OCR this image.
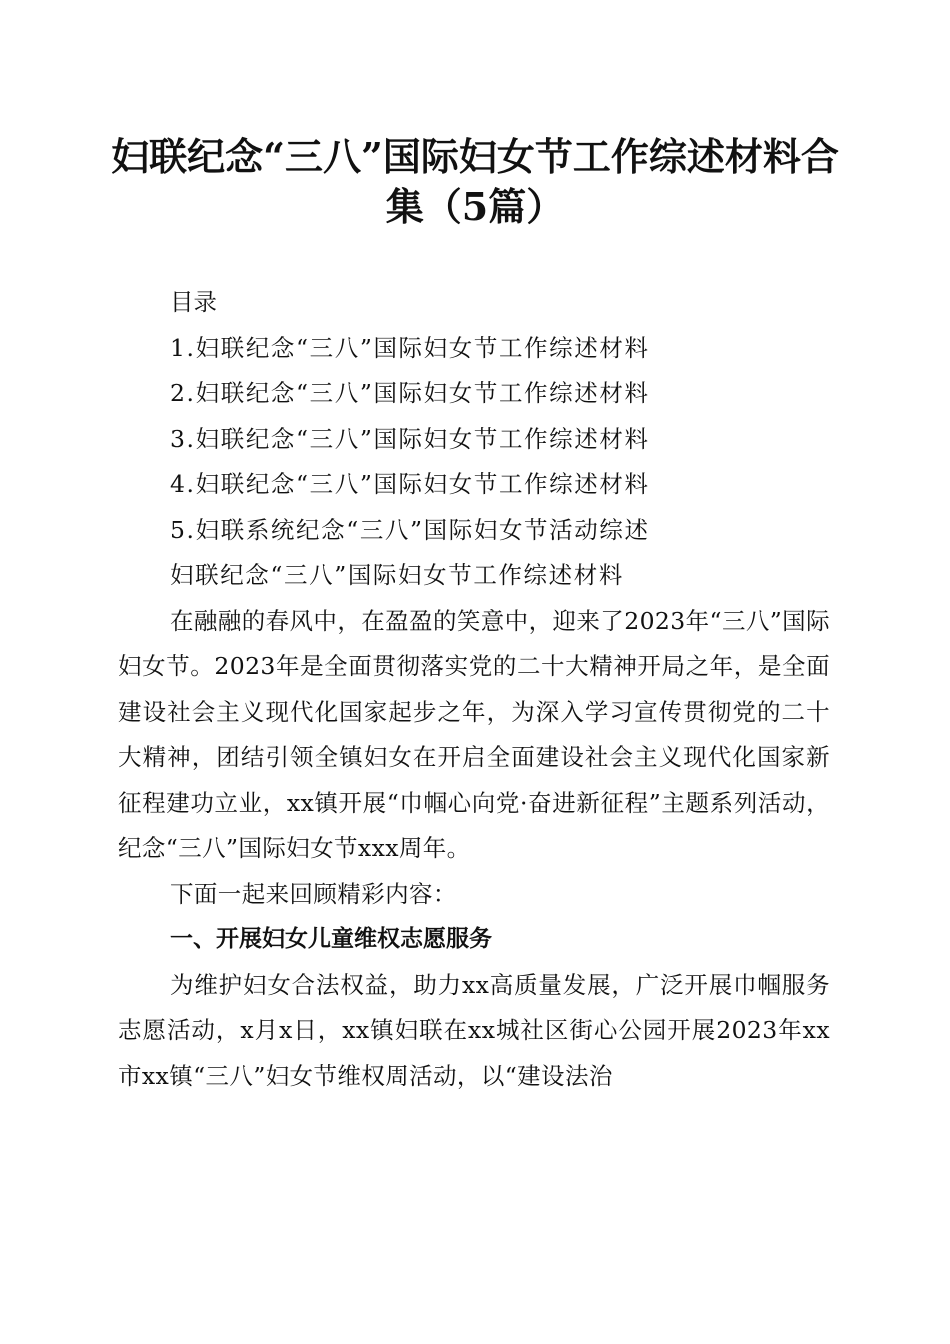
妇联纪念“三八”国际妇女节工作综述材料合集（5篇）

目录

1.妇联纪念“三八”国际妇女节工作综述材料

2.妇联纪念“三八”国际妇女节工作综述材料

3.妇联纪念“三八”国际妇女节工作综述材料

4.妇联纪念“三八”国际妇女节工作综述材料

5.妇联系统纪念“三八”国际妇女节活动综述

妇联纪念“三八”国际妇女节工作综述材料

在融融的春风中，在盈盈的笑意中，迎来了2023年“三八”国际妇女节。2023年是全面贯彻落实党的二十大精神开局之年，是全面建设社会主义现代化国家起步之年，为深入学习宣传贯彻党的二十大精神，团结引领全镇妇女在开启全面建设社会主义现代化国家新征程建功立业，xx镇开展“巾帼心向党·奋进新征程”主题系列活动，纪念“三八”国际妇女节xxx周年。

下面一起来回顾精彩内容：

一、开展妇女儿童维权志愿服务

为维护妇女合法权益，助力xx高质量发展，广泛开展巾帼服务志愿活动，x月x日，xx镇妇联在xx城社区街心公园开展2023年xx市xx镇“三八”妇女节维权周活动，以“建设法治
